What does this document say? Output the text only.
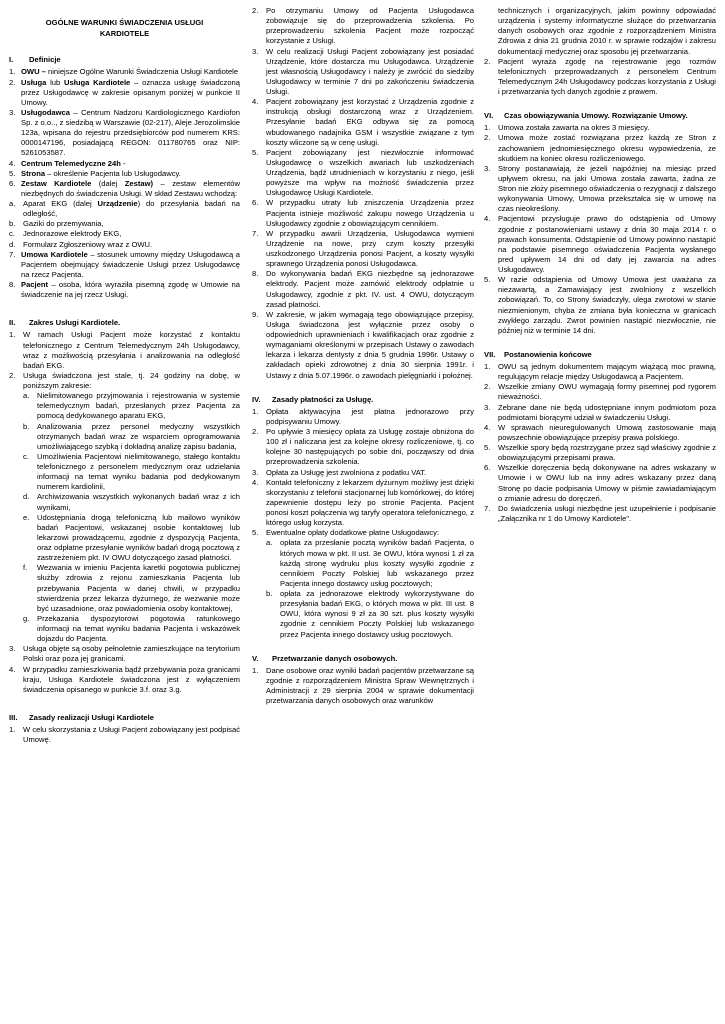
OGÓLNE WARUNKI ŚWIADCZENIA USŁUGI
KARDIOTELE
I. Definicje
1. OWU – niniejsze Ogólne Warunki Świadczenia Usługi Kardiotele
2. Usługa lub Usługa Kardiotele – oznacza usługę świadczoną przez Usługodawcę w zakresie opisanym poniżej w punkcie II Umowy.
3. Usługodawca – Centrum Nadzoru Kardiologicznego Kardiofon Sp. z o.o.., z siedzibą w Warszawie (02-217), Aleje Jerozolimskie 123a, wpisana do rejestru przedsiębiorców pod numerem KRS: 0000147196, posiadającą REGON: 011780765 oraz NIP: 5261053587.
4. Centrum Telemedyczne 24h -
5. Strona – określenie Pacjenta lub Usługodawcy.
6. Zestaw Kardiotele (dalej Zestaw) – zestaw elementów niezbędnych do świadczenia Usługi. W skład Zestawu wchodzą:
a. Aparat EKG (dalej Urządzenie) do przesyłania badań na odległość,
b. Gaziki do przemywania,
c. Jednorazowe elektrody EKG,
d. Formularz Zgłoszeniowy wraz z OWU.
7. Umowa Kardiotele – stosunek umowny między Usługodawcą a Pacjentem obejmujący świadczenie Usługi przez Usługodawcę na rzecz Pacjenta.
8. Pacjent – osoba, która wyraziła pisemną zgodę w Umowie na świadczenie na jej rzecz Usługi.
II. Zakres Usługi Kardiotele.
1. W ramach Usługi Pacjent może korzystać z kontaktu telefonicznego z Centrum Telemedycznym 24h Usługodawcy, wraz z możliwością przesyłania i analizowania na odległość badań EKG.
2. Usługa świadczona jest stale, tj. 24 godziny na dobę, w poniższym zakresie:
a. Nielimitowanego przyjmowania i rejestrowania w systemie telemedycznym badań, przesłanych przez Pacjenta za pomocą dedykowanego aparatu EKG,
b. Analizowania przez personel medyczny wszystkich otrzymanych badań wraz ze wsparciem oprogramowania umożliwiającego szybką i dokładną analizę zapisu badania,
c. Umożliwienia Pacjentowi nielimitowanego, stałego kontaktu telefonicznego z personelem medycznym oraz udzielania informacji na temat wyniku badania pod dedykowanym numerem kardiolinii,
d. Archiwizowania wszystkich wykonanych badań wraz z ich wynikami,
e. Udostępniania drogą telefoniczną lub mailowo wyników badań Pacjentowi, wskazanej osobie kontaktowej lub lekarzowi prowadzącemu, zgodnie z dyspozycją Pacjenta, oraz odpłatne przesyłanie wyników badań drogą pocztową z zastrzeżeniem pkt. IV OWU dotyczącego zasad płatności.
f. Wezwania w imieniu Pacjenta karetki pogotowia publicznej służby zdrowia z rejonu zamieszkania Pacjenta lub przebywania Pacjenta w danej chwili, w przypadku stwierdzenia przez lekarza dyżurnego, że wezwanie może być uzasadnione, oraz powiadomienia osoby kontaktowej,
g. Przekazania dyspozytorowi pogotowia ratunkowego informacji na temat wyniku badania Pacjenta i wskazówek dojazdu do Pacjenta.
3. Usługa objęte są osoby pełnoletnie zamieszkujące na terytorium Polski oraz poza jej granicami.
4. W przypadku zamieszkiwania bądź przebywania poza granicami kraju, Usługa Kardiotele świadczona jest z wyłączeniem świadczenia opisanego w punkcie 3.f. oraz 3.g.
III. Zasady realizacji Usługi Kardiotele
1. W celu skorzystania z Usługi Pacjent zobowiązany jest podpisać Umowę.
2. Po otrzymaniu Umowy od Pacjenta Usługodawca zobowiązuje się do przeprowadzenia szkolenia. Po przeprowadzeniu szkolenia Pacjent może rozpocząć korzystanie z Usługi.
3. W celu realizacji Usługi Pacjent zobowiązany jest posiadać Urządzenie, które dostarcza mu Usługodawca. Urządzenie jest własnością Usługodawcy i należy je zwrócić do siedziby Usługodawcy w terminie 7 dni po zakończeniu świadczenia Usługi.
4. Pacjent zobowiązany jest korzystać z Urządzenia zgodnie z instrukcją obsługi dostarczoną wraz z Urządzeniem. Przesyłanie badań EKG odbywa się za pomocą wbudowanego nadajnika GSM i wszystkie związane z tym koszty wliczone są w cenę usługi.
5. Pacjent zobowiązany jest niezwłocznie informować Usługodawcę o wszelkich awariach lub uszkodzeniach Urządzenia, bądź utrudnieniach w korzystaniu z niego, jeśli powyższe ma wpływ na możność świadczenia przez Usługodawcę Usługi Kardiotele.
6. W przypadku utraty lub zniszczenia Urządzenia przez Pacjenta istnieje możliwość zakupu nowego Urządzenia u Usługodawcy zgodnie z obowiązującym cennikiem.
7. W przypadku awarii Urządzenia, Usługodawca wymieni Urządzenie na nowe, przy czym koszty przesyłki uszkodzonego Urządzenia ponosi Pacjent, a koszty wysyłki sprawnego Urządzenia ponosi Usługodawca.
8. Do wykonywania badań EKG niezbędne są jednorazowe elektrody. Pacjent może zamówić elektrody odpłatnie u Usługodawcy, zgodnie z pkt. IV. ust. 4 OWU, dotyczącym zasad płatności.
9. W zakresie, w jakim wymagają tego obowiązujące przepisy, Usługa świadczona jest wyłącznie przez osoby o odpowiednich uprawnieniach i kwalifikacjach oraz zgodnie z wymaganiami określonymi w przepisach Ustawy o zawodach lekarza i lekarza dentysty z dnia 5 grudnia 1996r. Ustawy o zakładach opieki zdrowotnej z dnia 30 sierpnia 1991r. i Ustawy z dnia 5.07.1996r. o zawodach pielęgniarki i położnej.
IV. Zasady płatności za Usługę.
1. Opłata aktywacyjna jest płatna jednorazowo przy podpisywaniu Umowy.
2. Po upływie 3 miesięcy opłata za Usługę zostaje obniżona do 100 zł i naliczana jest za kolejne okresy rozliczeniowe, tj. co kolejne 30 następujących po sobie dni, począwszy od dnia przeprowadzenia szkolenia.
3. Opłata za Usługę jest zwolniona z podatku VAT.
4. Kontakt telefoniczny z lekarzem dyżurnym możliwy jest dzięki skorzystaniu z telefonii stacjonarnej lub komórkowej, do której zapewnienie dostępu leży po stronie Pacjenta. Pacjent ponosi koszt połączenia wg taryfy operatora telefonicznego, z którego usług korzysta.
5. Ewentualne opłaty dodatkowe płatne Usługodawcy:
a. opłata za przesłanie pocztą wyników badań Pacjenta, o których mowa w pkt. II ust. 3e OWU, która wynosi 1 zł za każdą stronę wydruku plus koszty wysyłki zgodnie z cennikiem Poczty Polskiej lub wskazanego przez Pacjenta innego dostawcy usług pocztowych;
b. opłata za jednorazowe elektrody wykorzystywane do przesyłania badań EKG, o których mowa w pkt. III ust. 8 OWU, która wynosi 9 zł za 30 szt. plus koszty wysyłki zgodnie z cennikiem Poczty Polskiej lub wskazanego przez Pacjenta innego dostawcy usług pocztowych.
V. Przetwarzanie danych osobowych.
1. Dane osobowe oraz wyniki badań pacjentów przetwarzane są zgodnie z rozporządzeniem Ministra Spraw Wewnętrznych i Administracji z 29 sierpnia 2004 w sprawie dokumentacji przetwarzania danych osobowych oraz warunków
technicznych i organizacyjnych, jakim powinny odpowiadać urządzenia i systemy informatyczne służące do przetwarzania danych osobowych oraz zgodnie z rozporządzeniem Ministra Zdrowia z dnia 21 grudnia 2010 r. w sprawie rodzajów i zakresu dokumentacji medycznej oraz sposobu jej przetwarzania.
2. Pacjent wyraża zgodę na rejestrowanie jego rozmów telefonicznych przeprowadzanych z personelem Centrum Telemedycznym 24h Usługodawcy podczas korzystania z Usługi i przetwarzania tych danych zgodnie z prawem.
VI.	Czas obowiązywania Umowy. Rozwiązanie Umowy.
1. Umowa została zawarta na okres 3 miesięcy.
2. Umowa może zostać rozwiązana przez każdą ze Stron z zachowaniem jednomiesięcznego okresu wypowiedzenia, ze skutkiem na koniec okresu rozliczeniowego.
3. Strony postanawiają, że jeżeli najpóźniej na miesiąc przed upływem okresu, na jaki Umowa została zawarta, żadna ze Stron nie złoży pisemnego oświadczenia o rezygnacji z dalszego wykonywania Umowy, Umowa przekształca się w umowę na czas nieokreślony.
4. Pacjentowi przysługuje prawo do odstąpienia od Umowy zgodnie z postanowieniami ustawy z dnia 30 maja 2014 r. o prawach konsumenta. Odstąpienie od Umowy powinno nastąpić na podstawie pisemnego oświadczenia Pacjenta wysłanego pred upływem 14 dni od daty jej zawarcia na adres Usługodawcy.
5. W razie odstąpienia od Umowy Umowa jest uważana za niezawartą, a Zamawiający jest zwolniony z wszelkich zobowiązań. To, co Strony świadczyły, ulega zwrotowi w stanie niezmienionym, chyba że zmiana była konieczna w granicach zwykłego zarządu. Zwrot powinien nastąpić niezwłocznie, nie później niż w terminie 14 dni.
VII. Postanowienia końcowe
1. OWU są jednym dokumentem mającym wiążącą moc prawną, regulującym relacje między Usługodawcą a Pacjentem.
2. Wszelkie zmiany OWU wymagają formy pisemnej pod rygorem nieważności.
3. Zebrane dane nie będą udostępniane innym podmiotom poza podmiotami biorącymi udział w świadczeniu Usługi.
4. W sprawach nieuregulowanych Umową zastosowanie mają powszechnie obowiązujące przepisy prawa polskiego.
5. Wszelkie spory będą rozstrzygane przez sąd właściwy zgodnie z obowiązującymi przepisami prawa.
6. Wszelkie doręczenia będą dokonywane na adres wskazany w Umowie i w OWU lub na inny adres wskazany przez daną Stronę po dacie podpisania Umowy w piśmie zawiadamiającym o zmianie adresu do doręczeń.
7. Do świadczenia usługi niezbędne jest uzupełnienie i podpisanie „Załącznika nr 1 do Umowy Kardiotele".
